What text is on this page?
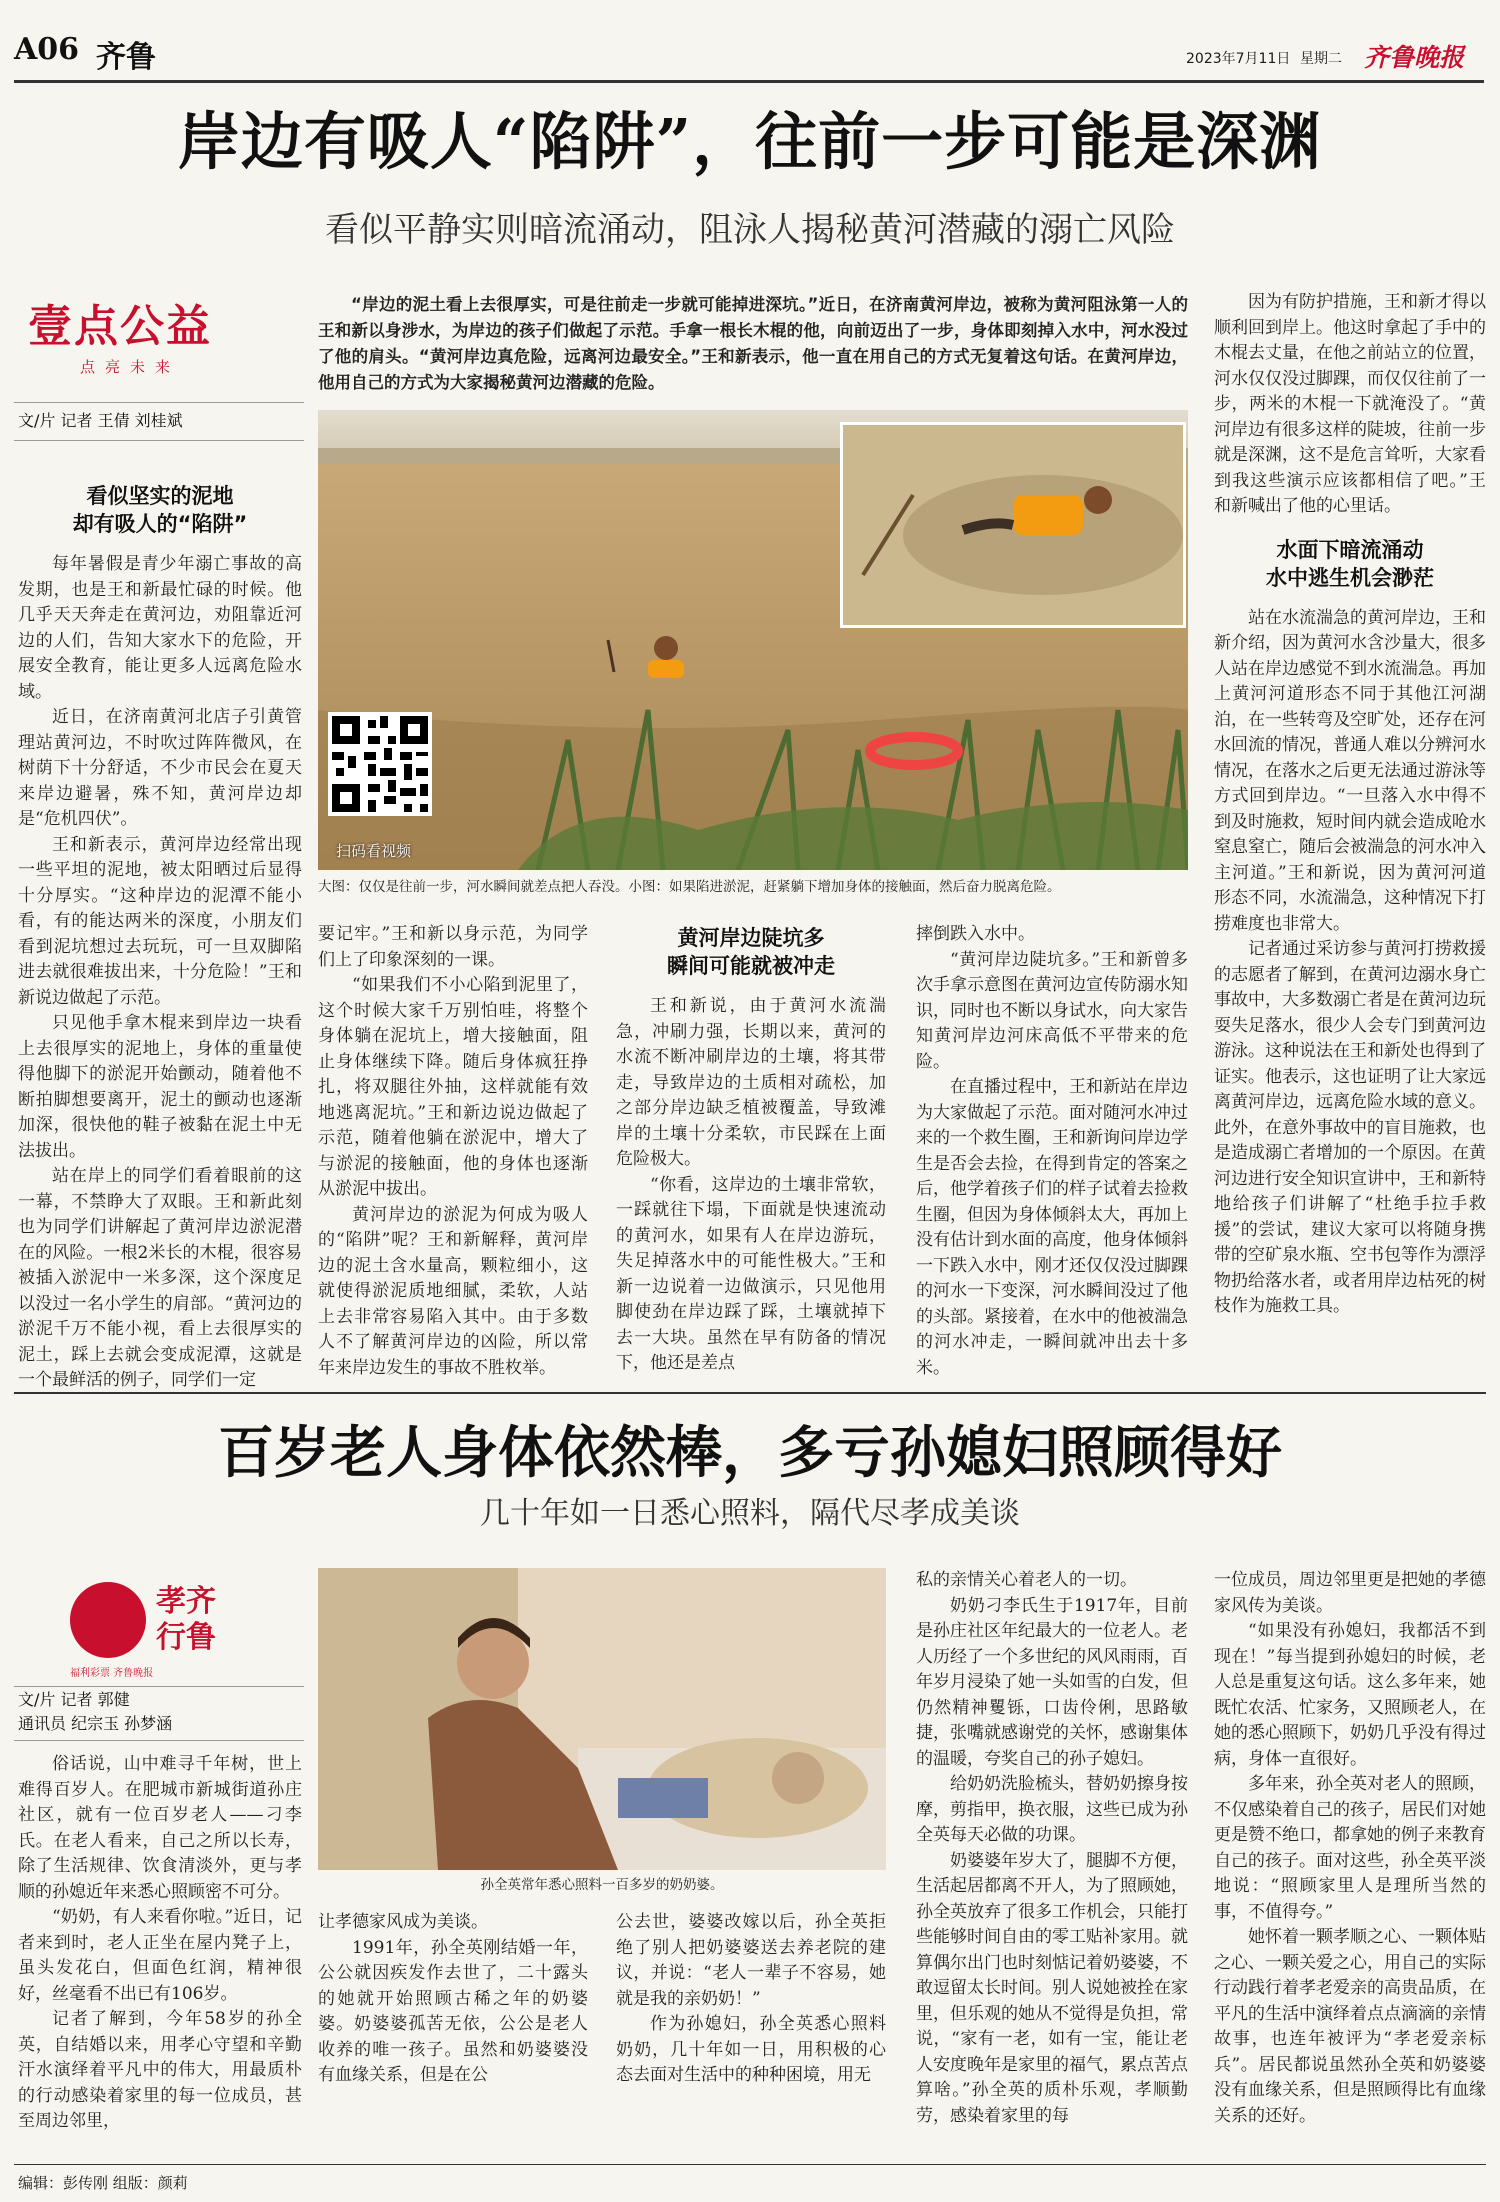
A06 齐鲁	2023年7月11日 星期二 齐鲁晚报
岸边有吸人“陷阱”，往前一步可能是深渊
看似平静实则暗流涌动，阻泳人揭秘黄河潜藏的溺亡风险
壹点公益
点亮未来
文/片 记者 王倩 刘桂斌
“岸边的泥土看上去很厚实，可是往前走一步就可能掉进深坑。”近日，在济南黄河岸边，被称为黄河阻泳第一人的王和新以身涉水，为岸边的孩子们做起了示范。手拿一根长木棍的他，向前迈出了一步，身体即刻掉入水中，河水没过了他的肩头。“黄河岸边真危险，远离河边最安全。”王和新表示，他一直在用自己的方式无复着这句话。在黄河岸边，他用自己的方式为大家揭秘黄河边潜藏的危险。
扫码看视频
大图：仅仅是往前一步，河水瞬间就差点把人吞没。小图：如果陷进淤泥，赶紧躺下增加身体的接触面，然后奋力脱离危险。
看似坚实的泥地
却有吸人的“陷阱”

每年暑假是青少年溺亡事故的高发期，也是王和新最忙碌的时候。他几乎天天奔走在黄河边，劝阻靠近河边的人们，告知大家水下的危险，开展安全教育，能让更多人远离危险水域。

近日，在济南黄河北店子引黄管理站黄河边，不时吹过阵阵微风，在树荫下十分舒适，不少市民会在夏天来岸边避暑，殊不知，黄河岸边却是“危机四伏”。

王和新表示，黄河岸边经常出现一些平坦的泥地，被太阳晒过后显得十分厚实。“这种岸边的泥潭不能小看，有的能达两米的深度，小朋友们看到泥坑想过去玩玩，可一旦双脚陷进去就很难拔出来，十分危险！”王和新说边做起了示范。

只见他手拿木棍来到岸边一块看上去很厚实的泥地上，身体的重量使得他脚下的淤泥开始颤动，随着他不断拍脚想要离开，泥土的颤动也逐渐加深，很快他的鞋子被黏在泥土中无法拔出。

站在岸上的同学们看着眼前的这一幕，不禁睁大了双眼。王和新此刻也为同学们讲解起了黄河岸边淤泥潜在的风险。一根2米长的木棍，很容易被插入淤泥中一米多深，这个深度足以没过一名小学生的肩部。“黄河边的淤泥千万不能小视，看上去很厚实的泥土，踩上去就会变成泥潭，这就是一个最鲜活的例子，同学们一定

要记牢。”王和新以身示范，为同学们上了印象深刻的一课。

“如果我们不小心陷到泥里了，这个时候大家千万别怕哇，将整个身体躺在泥坑上，增大接触面，阻止身体继续下降。随后身体疯狂挣扎，将双腿往外抽，这样就能有效地逃离泥坑。”王和新边说边做起了示范，随着他躺在淤泥中，增大了与淤泥的接触面，他的身体也逐渐从淤泥中拔出。

黄河岸边的淤泥为何成为吸人的“陷阱”呢？王和新解释，黄河岸边的泥土含水量高，颗粒细小，这就使得淤泥质地细腻，柔软，人站上去非常容易陷入其中。由于多数人不了解黄河岸边的凶险，所以常年来岸边发生的事故不胜枚举。

黄河岸边陡坑多
瞬间可能就被冲走

王和新说，由于黄河水流湍急，冲刷力强，长期以来，黄河的水流不断冲刷岸边的土壤，将其带走，导致岸边的土质相对疏松，加之部分岸边缺乏植被覆盖，导致滩岸的土壤十分柔软，市民踩在上面危险极大。

“你看，这岸边的土壤非常软，一踩就往下塌，下面就是快速流动的黄河水，如果有人在岸边游玩，失足掉落水中的可能性极大。”王和新一边说着一边做演示，只见他用脚使劲在岸边踩了踩，土壤就掉下去一大块。虽然在早有防备的情况下，他还是差点

摔倒跌入水中。

“黄河岸边陡坑多。”王和新曾多次手拿示意图在黄河边宣传防溺水知识，同时也不断以身试水，向大家告知黄河岸边河床高低不平带来的危险。

在直播过程中，王和新站在岸边为大家做起了示范。面对随河水冲过来的一个救生圈，王和新询问岸边学生是否会去捡，在得到肯定的答案之后，他学着孩子们的样子试着去捡救生圈，但因为身体倾斜太大，再加上没有估计到水面的高度，他身体倾斜一下跌入水中，刚才还仅仅没过脚踝的河水一下变深，河水瞬间没过了他的头部。紧接着，在水中的他被湍急的河水冲走，一瞬间就冲出去十多米。

因为有防护措施，王和新才得以顺利回到岸上。他这时拿起了手中的木棍去丈量，在他之前站立的位置，河水仅仅没过脚踝，而仅仅往前了一步，两米的木棍一下就淹没了。“黄河岸边有很多这样的陡坡，往前一步就是深渊，这不是危言耸听，大家看到我这些演示应该都相信了吧。”王和新喊出了他的心里话。

水面下暗流涌动
水中逃生机会渺茫

站在水流湍急的黄河岸边，王和新介绍，因为黄河水含沙量大，很多人站在岸边感觉不到水流湍急。再加上黄河河道形态不同于其他江河湖泊，在一些转弯及空旷处，还存在河水回流的情况，普通人难以分辨河水情况，在落水之后更无法通过游泳等方式回到岸边。“一旦落入水中得不到及时施救，短时间内就会造成呛水窒息窒亡，随后会被湍急的河水冲入主河道。”王和新说，因为黄河河道形态不同，水流湍急，这种情况下打捞难度也非常大。

记者通过采访参与黄河打捞救援的志愿者了解到，在黄河边溺水身亡事故中，大多数溺亡者是在黄河边玩耍失足落水，很少人会专门到黄河边游泳。这种说法在王和新处也得到了证实。他表示，这也证明了让大家远离黄河岸边，远离危险水域的意义。此外，在意外事故中的盲目施救，也是造成溺亡者增加的一个原因。在黄河边进行安全知识宣讲中，王和新特地给孩子们讲解了“杜绝手拉手救援”的尝试，建议大家可以将随身携带的空矿泉水瓶、空书包等作为漂浮物扔给落水者，或者用岸边枯死的树枝作为施救工具。

百岁老人身体依然棒，多亏孙媳妇照顾得好
几十年如一日悉心照料，隔代尽孝成美谈
孝齐行鲁
福利彩票 齐鲁晚报
文/片 记者 郭健
通讯员 纪宗玉 孙梦涵
孙全英常年悉心照料一百多岁的奶奶婆。

俗话说，山中难寻千年树，世上难得百岁人。在肥城市新城街道孙庄社区，就有一位百岁老人——刁李氏。在老人看来，自己之所以长寿，除了生活规律、饮食清淡外，更与孝顺的孙媳近年来悉心照顾密不可分。

“奶奶，有人来看你啦。”近日，记者来到时，老人正坐在屋内凳子上，虽头发花白，但面色红润，精神很好，丝毫看不出已有106岁。

记者了解到，今年58岁的孙全英，自结婚以来，用孝心守望和辛勤汗水演绎着平凡中的伟大，用最质朴的行动感染着家里的每一位成员，甚至周边邻里，

让孝德家风成为美谈。

1991年，孙全英刚结婚一年，公公就因疾发作去世了，二十露头的她就开始照顾古稀之年的奶婆婆。奶婆婆孤苦无依，公公是老人收养的唯一孩子。虽然和奶婆婆没有血缘关系，但是在公

公去世，婆婆改嫁以后，孙全英拒绝了别人把奶婆婆送去养老院的建议，并说：“老人一辈子不容易，她就是我的亲奶奶！”

作为孙媳妇，孙全英悉心照料奶奶，几十年如一日，用积极的心态去面对生活中的种种困境，用无

私的亲情关心着老人的一切。

奶奶刁李氏生于1917年，目前是孙庄社区年纪最大的一位老人。老人历经了一个多世纪的风风雨雨，百年岁月浸染了她一头如雪的白发，但仍然精神矍铄，口齿伶俐，思路敏捷，张嘴就感谢党的关怀，感谢集体的温暖，夸奖自己的孙子媳妇。

给奶奶洗脸梳头，替奶奶擦身按摩，剪指甲，换衣服，这些已成为孙全英每天必做的功课。

奶婆婆年岁大了，腿脚不方便，生活起居都离不开人，为了照顾她，孙全英放弃了很多工作机会，只能打些能够时间自由的零工贴补家用。就算偶尔出门也时刻惦记着奶婆婆，不敢逗留太长时间。别人说她被拴在家里，但乐观的她从不觉得是负担，常说，“家有一老，如有一宝，能让老人安度晚年是家里的福气，累点苦点算啥。”孙全英的质朴乐观，孝顺勤劳，感染着家里的每

一位成员，周边邻里更是把她的孝德家风传为美谈。

“如果没有孙媳妇，我都活不到现在！”每当提到孙媳妇的时候，老人总是重复这句话。这么多年来，她既忙农活、忙家务，又照顾老人，在她的悉心照顾下，奶奶几乎没有得过病，身体一直很好。

多年来，孙全英对老人的照顾，不仅感染着自己的孩子，居民们对她更是赞不绝口，都拿她的例子来教育自己的孩子。面对这些，孙全英平淡地说：“照顾家里人是理所当然的事，不值得夸。”

她怀着一颗孝顺之心、一颗体贴之心、一颗关爱之心，用自己的实际行动践行着孝老爱亲的高贵品质，在平凡的生活中演绎着点点滴滴的亲情故事，也连年被评为“孝老爱亲标兵”。居民都说虽然孙全英和奶婆婆没有血缘关系，但是照顾得比有血缘关系的还好。

编辑：彭传刚 组版：颜莉
